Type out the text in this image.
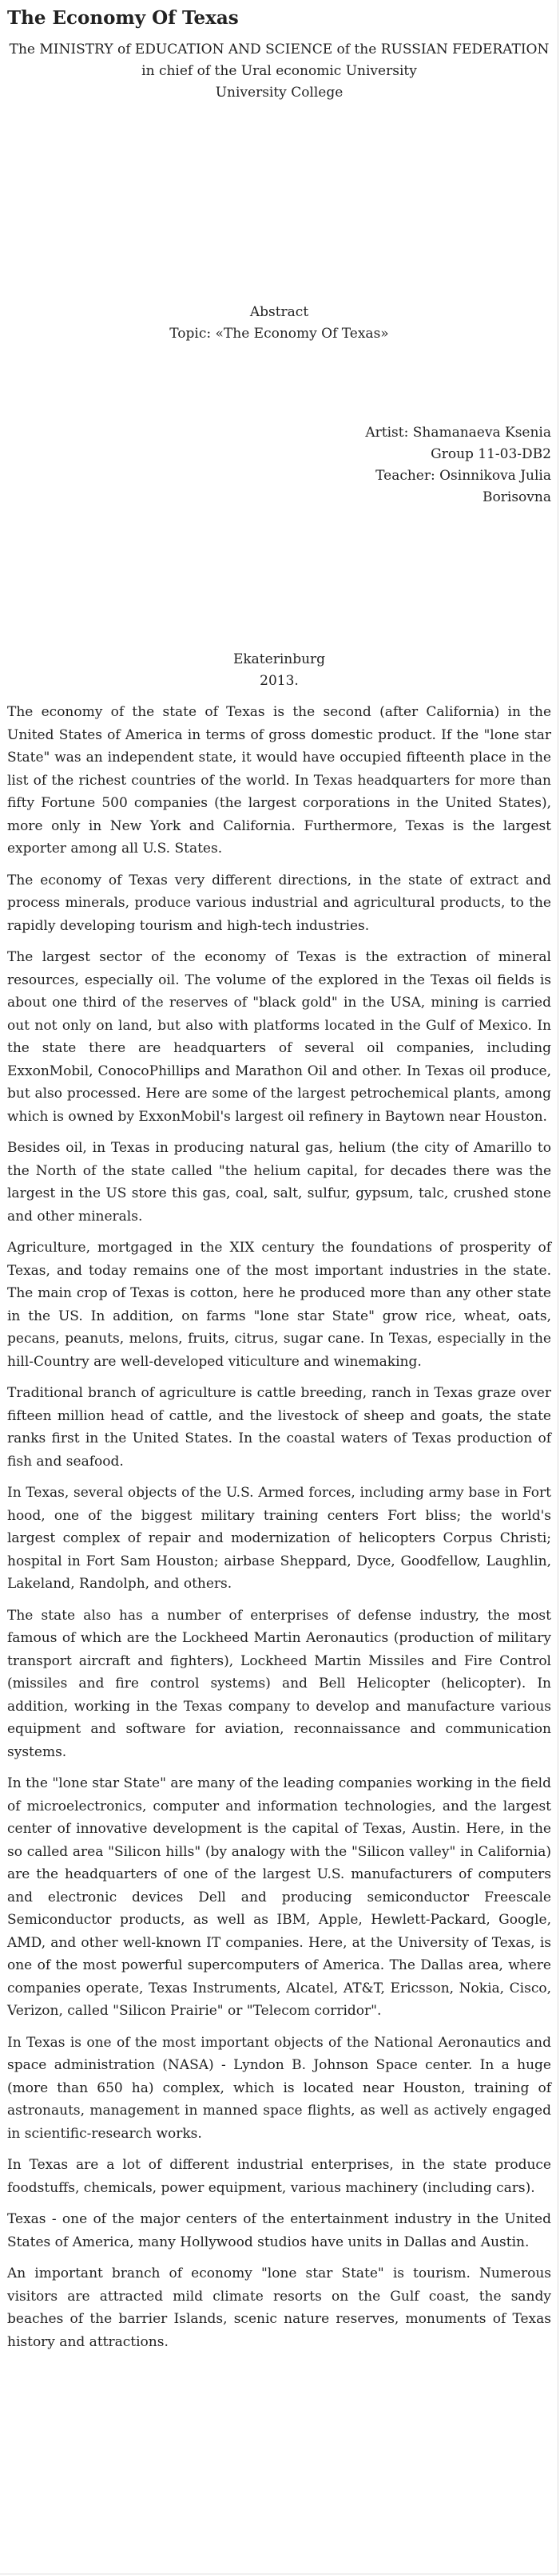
The Economy Of Texas

The MINISTRY of EDUCATION AND SCIENCE of the RUSSIAN FEDERATION in chief of the Ural economic University

University College

Abstract

Topic: «The Economy Of Texas»

Artist: Shamanaeva Ksenia

Group 11-03-DB2

Teacher: Osinnikova Julia

Borisovna

Ekaterinburg

2013.

The economy of the state of Texas is the second (after California) in the United States of America in terms of gross domestic product. If the "lone star State" was an independent state, it would have occupied fifteenth place in the list of the richest countries of the world. In Texas headquarters for more than fifty Fortune 500 companies (the largest corporations in the United States), more only in New York and California. Furthermore, Texas is the largest exporter among all U.S. States.

The economy of Texas very different directions, in the state of extract and process minerals, produce various industrial and agricultural products, to the rapidly developing tourism and high-tech industries.

The largest sector of the economy of Texas is the extraction of mineral resources, especially oil. The volume of the explored in the Texas oil fields is about one third of the reserves of "black gold" in the USA, mining is carried out not only on land, but also with platforms located in the Gulf of Mexico. In the state there are headquarters of several oil companies, including ExxonMobil, ConocoPhillips and Marathon Oil and other. In Texas oil produce, but also processed. Here are some of the largest petrochemical plants, among which is owned by ExxonMobil's largest oil refinery in Baytown near Houston.

Besides oil, in Texas in producing natural gas, helium (the city of Amarillo to the North of the state called "the helium capital, for decades there was the largest in the US store this gas, coal, salt, sulfur, gypsum, talc, crushed stone and other minerals.

Agriculture, mortgaged in the XIX century the foundations of prosperity of Texas, and today remains one of the most important industries in the state. The main crop of Texas is cotton, here he produced more than any other state in the US. In addition, on farms "lone star State" grow rice, wheat, oats, pecans, peanuts, melons, fruits, citrus, sugar cane. In Texas, especially in the hill-Country are well-developed viticulture and winemaking.

Traditional branch of agriculture is cattle breeding, ranch in Texas graze over fifteen million head of cattle, and the livestock of sheep and goats, the state ranks first in the United States. In the coastal waters of Texas production of fish and seafood.

In Texas, several objects of the U.S. Armed forces, including army base in Fort hood, one of the biggest military training centers Fort bliss; the world's largest complex of repair and modernization of helicopters Corpus Christi; hospital in Fort Sam Houston; airbase Sheppard, Dyce, Goodfellow, Laughlin, Lakeland, Randolph, and others.

The state also has a number of enterprises of defense industry, the most famous of which are the Lockheed Martin Aeronautics (production of military transport aircraft and fighters), Lockheed Martin Missiles and Fire Control (missiles and fire control systems) and Bell Helicopter (helicopter). In addition, working in the Texas company to develop and manufacture various equipment and software for aviation, reconnaissance and communication systems.

In the "lone star State" are many of the leading companies working in the field of microelectronics, computer and information technologies, and the largest center of innovative development is the capital of Texas, Austin. Here, in the so called area "Silicon hills" (by analogy with the "Silicon valley" in California) are the headquarters of one of the largest U.S. manufacturers of computers and electronic devices Dell and producing semiconductor Freescale Semiconductor products, as well as IBM, Apple, Hewlett-Packard, Google, AMD, and other well-known IT companies. Here, at the University of Texas, is one of the most powerful supercomputers of America. The Dallas area, where companies operate, Texas Instruments, Alcatel, AT&T, Ericsson, Nokia, Cisco, Verizon, called "Silicon Prairie" or "Telecom corridor".

In Texas is one of the most important objects of the National Aeronautics and space administration (NASA) - Lyndon B. Johnson Space center. In a huge (more than 650 ha) complex, which is located near Houston, training of astronauts, management in manned space flights, as well as actively engaged in scientific-research works.

In Texas are a lot of different industrial enterprises, in the state produce foodstuffs, chemicals, power equipment, various machinery (including cars).

Texas - one of the major centers of the entertainment industry in the United States of America, many Hollywood studios have units in Dallas and Austin.

An important branch of economy "lone star State" is tourism. Numerous visitors are attracted mild climate resorts on the Gulf coast, the sandy beaches of the barrier Islands, scenic nature reserves, monuments of Texas history and attractions.
